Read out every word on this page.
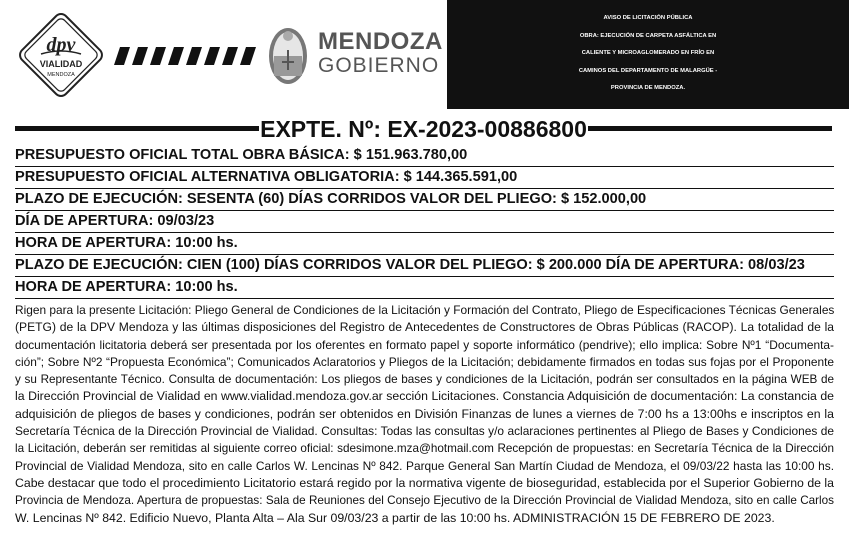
dpv
VIALIDAD
MENDOZA
MENDOZA
GOBIERNO
AVISO DE LICITACIÓN PÚBLICA
OBRA: EJECUCIÓN DE CARPETA ASFÁLTICA EN
CALIENTE Y MICROAGLOMERADO EN FRÍO EN
CAMINOS DEL DEPARTAMENTO DE MALARGÜE -
PROVINCIA DE MENDOZA.
EXPTE. Nº: EX-2023-00886800
PRESUPUESTO OFICIAL TOTAL OBRA BÁSICA: $ 151.963.780,00
PRESUPUESTO OFICIAL ALTERNATIVA OBLIGATORIA: $ 144.365.591,00
PLAZO DE EJECUCIÓN: SESENTA (60) DÍAS CORRIDOS VALOR DEL PLIEGO: $ 152.000,00
DÍA DE APERTURA: 09/03/23
HORA DE APERTURA: 10:00 hs.
PLAZO DE EJECUCIÓN: CIEN (100) DÍAS CORRIDOS VALOR DEL PLIEGO: $ 200.000 DÍA DE APERTURA: 08/03/23
HORA DE APERTURA: 10:00 hs.
Rigen para la presente Licitación: Pliego General de Condiciones de la Licitación y Formación del Contrato, Pliego de Especificaciones Técnicas Generales
(PETG) de la DPV Mendoza y las últimas disposiciones del Registro de Antecedentes de Constructores de Obras Públicas (RACOP). La totalidad de la
documentación licitatoria deberá ser presentada por los oferentes en formato papel y soporte informático (pendrive); ello implica: Sobre Nº1 “Documenta-
ción”; Sobre Nº2 “Propuesta Económica”; Comunicados Aclaratorios y Pliegos de la Licitación; debidamente firmados en todas sus fojas por el Proponente
y su Representante Técnico. Consulta de documentación: Los pliegos de bases y condiciones de la Licitación, podrán ser consultados en la página WEB de
la Dirección Provincial de Vialidad en www.vialidad.mendoza.gov.ar sección Licitaciones. Constancia Adquisición de documentación: La constancia de
adquisición de pliegos de bases y condiciones, podrán ser obtenidos en División Finanzas de lunes a viernes de 7:00 hs a 13:00hs e inscriptos en la
Secretaría Técnica de la Dirección Provincial de Vialidad. Consultas: Todas las consultas y/o aclaraciones pertinentes al Pliego de Bases y Condiciones de
la Licitación, deberán ser remitidas al siguiente correo oficial: sdesimone.mza@hotmail.com Recepción de propuestas: en Secretaría Técnica de la Dirección
Provincial de Vialidad Mendoza, sito en calle Carlos W. Lencinas Nº 842. Parque General San Martín Ciudad de Mendoza, el 09/03/22 hasta las 10:00 hs.
Cabe destacar que todo el procedimiento Licitatorio estará regido por la normativa vigente de bioseguridad, establecida por el Superior Gobierno de la
Provincia de Mendoza. Apertura de propuestas: Sala de Reuniones del Consejo Ejecutivo de la Dirección Provincial de Vialidad Mendoza, sito en calle Carlos
W. Lencinas Nº 842. Edificio Nuevo, Planta Alta – Ala Sur 09/03/23 a partir de las 10:00 hs. ADMINISTRACIÓN 15 DE FEBRERO DE 2023.
